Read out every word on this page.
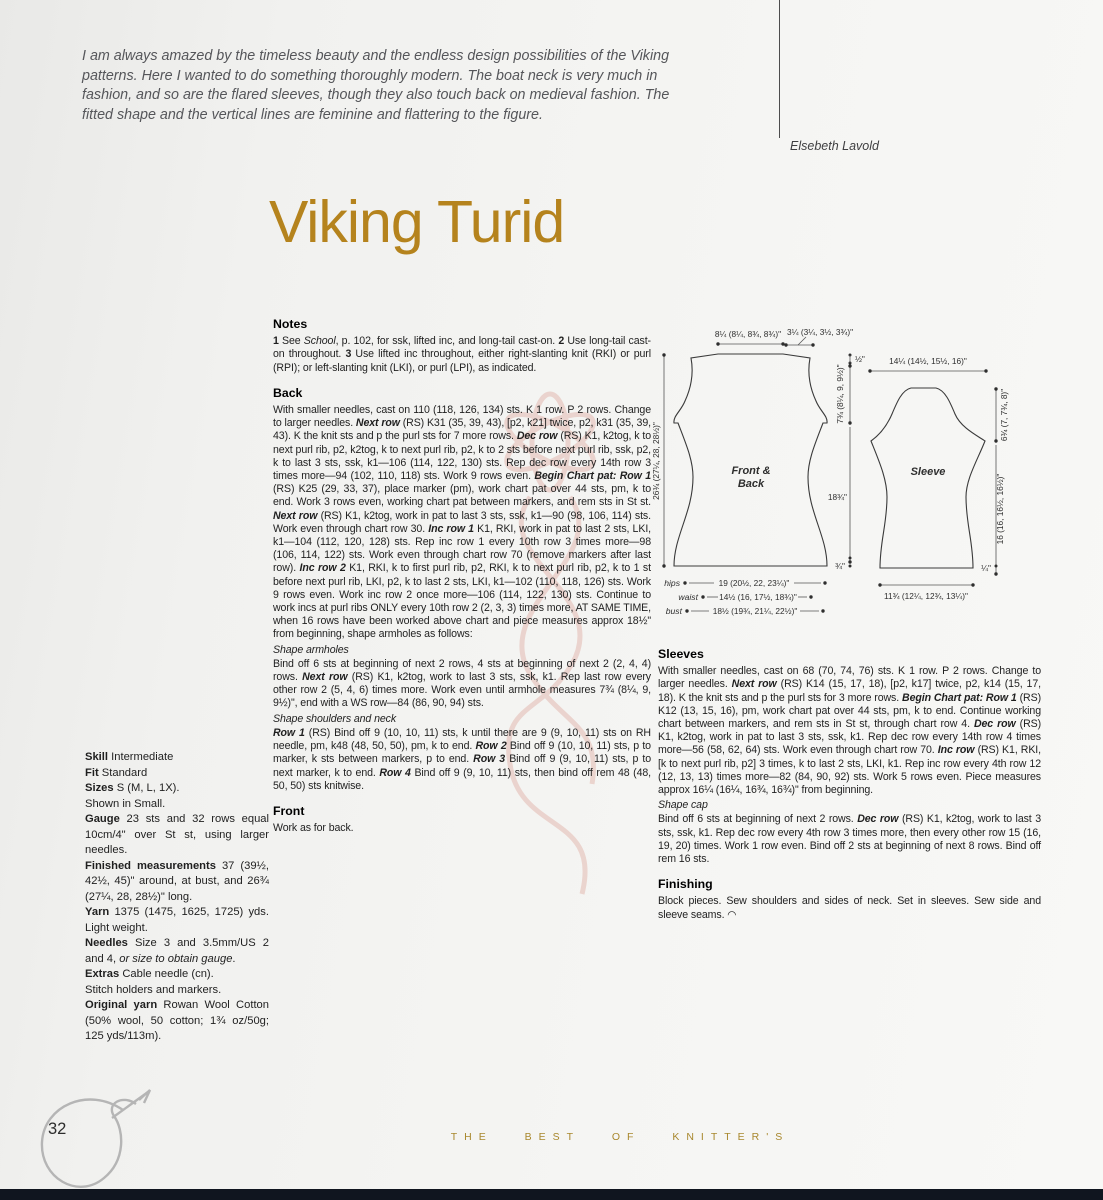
Elsebeth Lavold

I am always amazed by the timeless beauty and the endless design possibilities of the Viking patterns. Here I wanted to do something thoroughly modern. The boat neck is very much in fashion, and so are the flared sleeves, though they also touch back on medieval fashion. The fitted shape and the vertical lines are feminine and flattering to the figure.

Viking Turid

Skill Intermediate

Fit Standard

Sizes S (M, L, 1X).

Shown in Small.

Gauge 23 sts and 32 rows equal 10cm/4" over St st, using larger needles.

Finished measurements 37 (39½, 42½, 45)" around, at bust, and 26¾ (27¼, 28, 28½)" long.

Yarn 1375 (1475, 1625, 1725) yds. Light weight.

Needles Size 3 and 3.5mm/US 2 and 4, or size to obtain gauge.

Extras Cable needle (cn).

Stitch holders and markers.

Original yarn Rowan Wool Cotton (50% wool, 50 cotton; 1¾ oz/50g; 125 yds/113m).

Notes

1 See School, p. 102, for ssk, lifted inc, and long-tail cast-on. 2 Use long-tail cast-on throughout. 3 Use lifted inc throughout, either right-slanting knit (RKI) or purl (RPI); or left-slanting knit (LKI), or purl (LPI), as indicated.

Back

With smaller needles, cast on 110 (118, 126, 134) sts. K 1 row. P 2 rows. Change to larger needles. Next row (RS) K31 (35, 39, 43), [p2, k21] twice, p2, k31 (35, 39, 43). K the knit sts and p the purl sts for 7 more rows. Dec row (RS) K1, k2tog, k to next purl rib, p2, k2tog, k to next purl rib, p2, k to 2 sts before next purl rib, ssk, p2, k to last 3 sts, ssk, k1—106 (114, 122, 130) sts. Rep dec row every 14th row 3 times more—94 (102, 110, 118) sts. Work 9 rows even. Begin Chart pat: Row 1 (RS) K25 (29, 33, 37), place marker (pm), work chart pat over 44 sts, pm, k to end. Work 3 rows even, working chart pat between markers, and rem sts in St st. Next row (RS) K1, k2tog, work in pat to last 3 sts, ssk, k1—90 (98, 106, 114) sts. Work even through chart row 30. Inc row 1 K1, RKI, work in pat to last 2 sts, LKI, k1—104 (112, 120, 128) sts. Rep inc row 1 every 10th row 3 times more—98 (106, 114, 122) sts. Work even through chart row 70 (remove markers after last row). Inc row 2 K1, RKI, k to first purl rib, p2, RKI, k to next purl rib, p2, k to 1 st before next purl rib, LKI, p2, k to last 2 sts, LKI, k1—102 (110, 118, 126) sts. Work 9 rows even. Work inc row 2 once more—106 (114, 122, 130) sts. Continue to work incs at purl ribs ONLY every 10th row 2 (2, 3, 3) times more, AT SAME TIME, when 16 rows have been worked above chart and piece measures approx 18½" from beginning, shape armholes as follows:

Shape armholes

Bind off 6 sts at beginning of next 2 rows, 4 sts at beginning of next 2 (2, 4, 4) rows. Next row (RS) K1, k2tog, work to last 3 sts, ssk, k1. Rep last row every other row 2 (5, 4, 6) times more. Work even until armhole measures 7¾ (8¼, 9, 9½)", end with a WS row—84 (86, 90, 94) sts.

Shape shoulders and neck

Row 1 (RS) Bind off 9 (10, 10, 11) sts, k until there are 9 (9, 10, 11) sts on RH needle, pm, k48 (48, 50, 50), pm, k to end. Row 2 Bind off 9 (10, 10, 11) sts, p to marker, k sts between markers, p to end. Row 3 Bind off 9 (9, 10, 11) sts, p to next marker, k to end. Row 4 Bind off 9 (9, 10, 11) sts, then bind off rem 48 (48, 50, 50) sts knitwise.

Front

Work as for back.

Front &
Back
8¼ (8¼, 8¾, 8¾)" 3¼ (3¼, 3½, 3¾)"
26¾ (27¼, 28, 28½)"
½"
7¾ (8¼, 9, 9½)"
18¾"
¾"
hips	19 (20½, 22, 23¼)"
waist	14½ (16, 17½, 18¾)"
bust	18½ (19¾, 21¼, 22½)"
Sleeve
14¼ (14½, 15½, 16)"
6¾ (7, 7¾, 8)"
16 (16, 16½, 16½)"
¼"
11¾ (12¼, 12¾, 13¼)"
Sleeves

With smaller needles, cast on 68 (70, 74, 76) sts. K 1 row. P 2 rows. Change to larger needles. Next row (RS) K14 (15, 17, 18), [p2, k17] twice, p2, k14 (15, 17, 18). K the knit sts and p the purl sts for 3 more rows. Begin Chart pat: Row 1 (RS) K12 (13, 15, 16), pm, work chart pat over 44 sts, pm, k to end. Continue working chart between markers, and rem sts in St st, through chart row 4. Dec row (RS) K1, k2tog, work in pat to last 3 sts, ssk, k1. Rep dec row every 14th row 4 times more—56 (58, 62, 64) sts. Work even through chart row 70. Inc row (RS) K1, RKI, [k to next purl rib, p2] 3 times, k to last 2 sts, LKI, k1. Rep inc row every 4th row 12 (12, 13, 13) times more—82 (84, 90, 92) sts. Work 5 rows even. Piece measures approx 16¼ (16¼, 16¾, 16¾)" from beginning.

Shape cap

Bind off 6 sts at beginning of next 2 rows. Dec row (RS) K1, k2tog, work to last 3 sts, ssk, k1. Rep dec row every 4th row 3 times more, then every other row 15 (16, 19, 20) times. Work 1 row even. Bind off 2 sts at beginning of next 8 rows. Bind off rem 16 sts.

Finishing

Block pieces. Sew shoulders and sides of neck. Set in sleeves. Sew side and sleeve seams. ◠

32	THE BEST OF KNITTER'S
